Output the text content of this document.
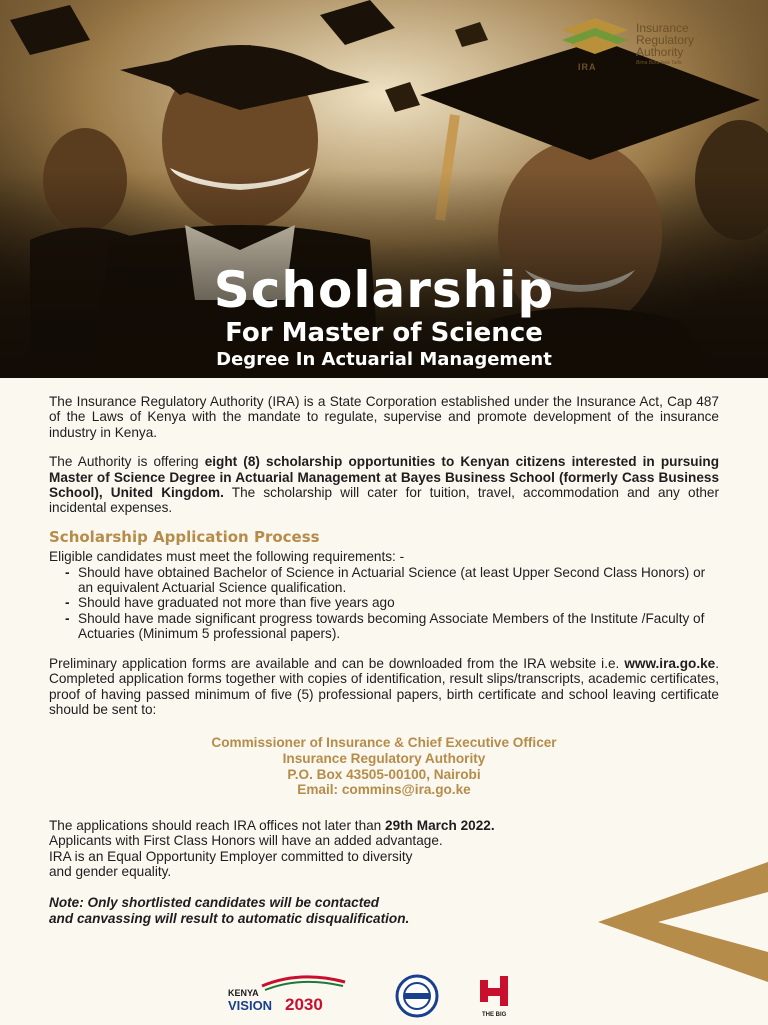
IRA
Insurance
Regulatory
Authority
Bima Bora kwa Taifa
Scholarship
For Master of Science
Degree In Actuarial Management

The Insurance Regulatory Authority (IRA) is a State Corporation established under the Insurance Act, Cap 487 of the Laws of Kenya with the mandate to regulate, supervise and promote development of the insurance industry in Kenya.

The Authority is offering eight (8) scholarship opportunities to Kenyan citizens interested in pursuing Master of Science Degree in Actuarial Management at Bayes Business School (formerly Cass Business School), United Kingdom. The scholarship will cater for tuition, travel, accommodation and any other incidental expenses.

Scholarship Application Process
Eligible candidates must meet the following requirements: -
- Should have obtained Bachelor of Science in Actuarial Science (at least Upper Second Class Honors) or an equivalent Actuarial Science qualification.
- Should have graduated not more than five years ago
- Should have made significant progress towards becoming Associate Members of the Institute /Faculty of Actuaries (Minimum 5 professional papers).

Preliminary application forms are available and can be downloaded from the IRA website i.e. www.ira.go.ke. Completed application forms together with copies of identification, result slips/transcripts, academic certificates, proof of having passed minimum of five (5) professional papers, birth certificate and school leaving certificate should be sent to:

Commissioner of Insurance & Chief Executive Officer
Insurance Regulatory Authority
P.O. Box 43505-00100, Nairobi
Email: commins@ira.go.ke
The applications should reach IRA offices not later than 29th March 2022.
Applicants with First Class Honors will have an added advantage.
IRA is an Equal Opportunity Employer committed to diversity
and gender equality.
Note: Only shortlisted candidates will be contacted
and canvassing will result to automatic disqualification.
KENYA
VISION 2030
THE BIG
